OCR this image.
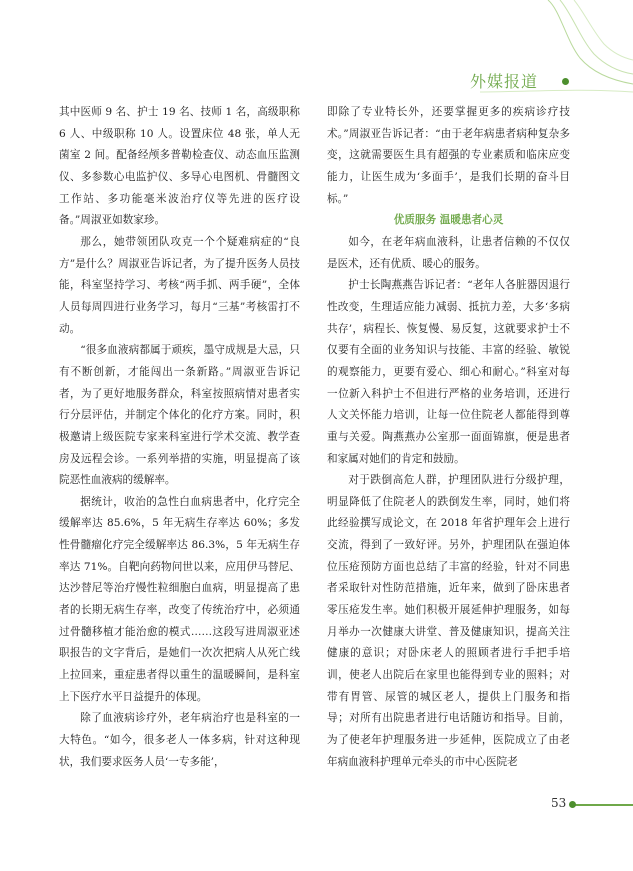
外媒报道

其中医师 9 名、护士 19 名、技师 1 名，高级职称 6 人、中级职称 10 人。设置床位 48 张，单人无菌室 2 间。配备经颅多普勒检查仪、动态血压监测仪、多参数心电监护仪、多导心电图机、骨髓图文工作站、多功能毫米波治疗仪等先进的医疗设备。”周淑亚如数家珍。

那么，她带领团队攻克一个个疑难病症的“良方”是什么？周淑亚告诉记者，为了提升医务人员技能，科室坚持学习、考核“两手抓、两手硬”，全体人员每周四进行业务学习，每月“三基”考核雷打不动。

“很多血液病都属于顽疾，墨守成规是大忌，只有不断创新，才能闯出一条新路。”周淑亚告诉记者，为了更好地服务群众，科室按照病情对患者实行分层评估，并制定个体化的化疗方案。同时，积极邀请上级医院专家来科室进行学术交流、教学查房及远程会诊。一系列举措的实施，明显提高了该院恶性血液病的缓解率。

据统计，收治的急性白血病患者中，化疗完全缓解率达 85.6%，5 年无病生存率达 60%；多发性骨髓瘤化疗完全缓解率达 86.3%，5 年无病生存率达 71%。自靶向药物问世以来，应用伊马替尼、达沙替尼等治疗慢性粒细胞白血病，明显提高了患者的长期无病生存率，改变了传统治疗中，必须通过骨髓移植才能治愈的模式……这段写进周淑亚述职报告的文字背后，是她们一次次把病人从死亡线上拉回来，重症患者得以重生的温暖瞬间，是科室上下医疗水平日益提升的体现。

除了血液病诊疗外，老年病治疗也是科室的一大特色。“如今，很多老人一体多病，针对这种现状，我们要求医务人员‘一专多能’，

即除了专业特长外，还要掌握更多的疾病诊疗技术。”周淑亚告诉记者：“由于老年病患者病种复杂多变，这就需要医生具有超强的专业素质和临床应变能力，让医生成为‘多面手’，是我们长期的奋斗目标。”

优质服务 温暖患者心灵

如今，在老年病血液科，让患者信赖的不仅仅是医术，还有优质、暖心的服务。

护士长陶燕燕告诉记者：“老年人各脏器因退行性改变，生理适应能力减弱、抵抗力差，大多‘多病共存’，病程长、恢复慢、易反复，这就要求护士不仅要有全面的业务知识与技能、丰富的经验、敏锐的观察能力，更要有爱心、细心和耐心。”科室对每一位新入科护士不但进行严格的业务培训，还进行人文关怀能力培训，让每一位住院老人都能得到尊重与关爱。陶燕燕办公室那一面面锦旗，便是患者和家属对她们的肯定和鼓励。

对于跌倒高危人群，护理团队进行分级护理，明显降低了住院老人的跌倒发生率，同时，她们将此经验撰写成论文，在 2018 年省护理年会上进行交流，得到了一致好评。另外，护理团队在强迫体位压疮预防方面也总结了丰富的经验，针对不同患者采取针对性防范措施，近年来，做到了卧床患者零压疮发生率。她们积极开展延伸护理服务，如每月举办一次健康大讲堂、普及健康知识，提高关注健康的意识；对卧床老人的照顾者进行手把手培训，使老人出院后在家里也能得到专业的照料；对带有胃管、尿管的城区老人，提供上门服务和指导；对所有出院患者进行电话随访和指导。目前，为了使老年护理服务进一步延伸，医院成立了由老年病血液科护理单元牵头的市中心医院老

53
